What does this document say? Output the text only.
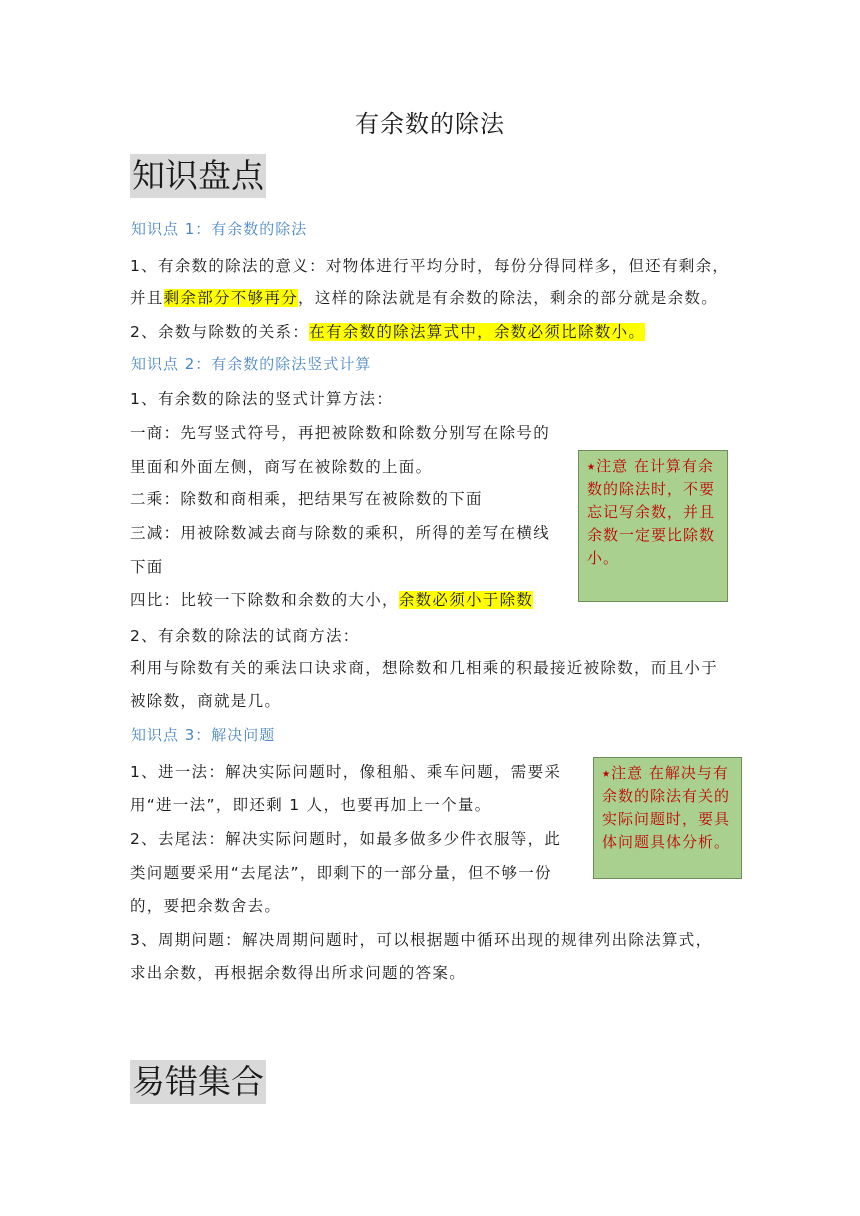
有余数的除法
知识盘点
知识点 1：有余数的除法
1、有余数的除法的意义：对物体进行平均分时，每份分得同样多，但还有剩余，
并且剩余部分不够再分，这样的除法就是有余数的除法，剩余的部分就是余数。
2、余数与除数的关系：在有余数的除法算式中，余数必须比除数小。
知识点 2：有余数的除法竖式计算
1、有余数的除法的竖式计算方法：
一商：先写竖式符号，再把被除数和除数分别写在除号的
里面和外面左侧，商写在被除数的上面。
二乘：除数和商相乘，把结果写在被除数的下面
三减：用被除数减去商与除数的乘积，所得的差写在横线
下面
四比：比较一下除数和余数的大小，余数必须小于除数
2、有余数的除法的试商方法：
利用与除数有关的乘法口诀求商，想除数和几相乘的积最接近被除数，而且小于
被除数，商就是几。
⭑注意 在计算有余数的除法时，不要忘记写余数，并且余数一定要比除数小。
知识点 3：解决问题
1、进一法：解决实际问题时，像租船、乘车问题，需要采
用“进一法”，即还剩 1 人，也要再加上一个量。
2、去尾法：解决实际问题时，如最多做多少件衣服等，此
类问题要采用“去尾法”，即剩下的一部分量，但不够一份
的，要把余数舍去。
3、周期问题：解决周期问题时，可以根据题中循环出现的规律列出除法算式，
求出余数，再根据余数得出所求问题的答案。
⭑注意 在解决与有余数的除法有关的实际问题时，要具体问题具体分析。
易错集合
